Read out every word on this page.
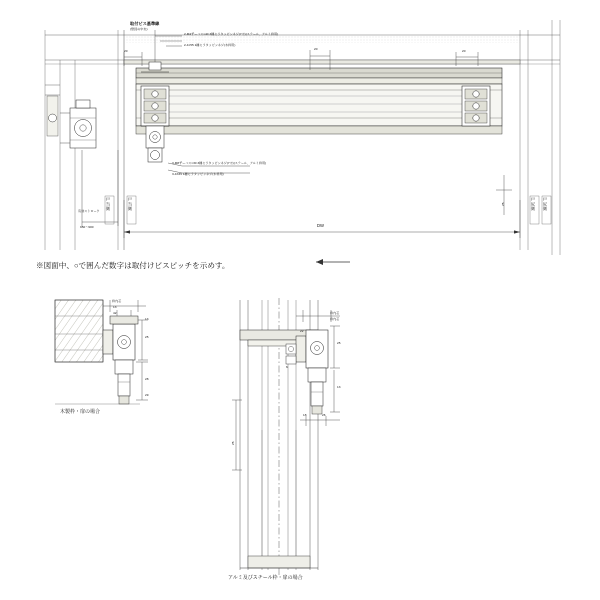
取付ビス基準線
(壁経の中央)
2-M4ザーバス×40 3種セラタッピンネジ(7ボ)(ステール、アルミ枠用)
2-4×55 1種セラタッピンネジ(木枠用)
3-M8ザーバス×30 3種セラタッピンネジ(7ボ)(ステール、アルミ枠用)
3-4X35 1種セラタッピンネジ(木枠用)
20	20	20
DW
有効ストローク
950～900
戸当側	戸当側	戸尻側 戸尻側
25
※図面中、○で囲んだ数字は取付けビスピッチを示めす。
13
25
13
28
29
42
木製枠・扉の場合
枠内芯
25
13
18	26
25
22
6
アルミ及びスチール枠・扉の場合
枠内芯
枠内芯
